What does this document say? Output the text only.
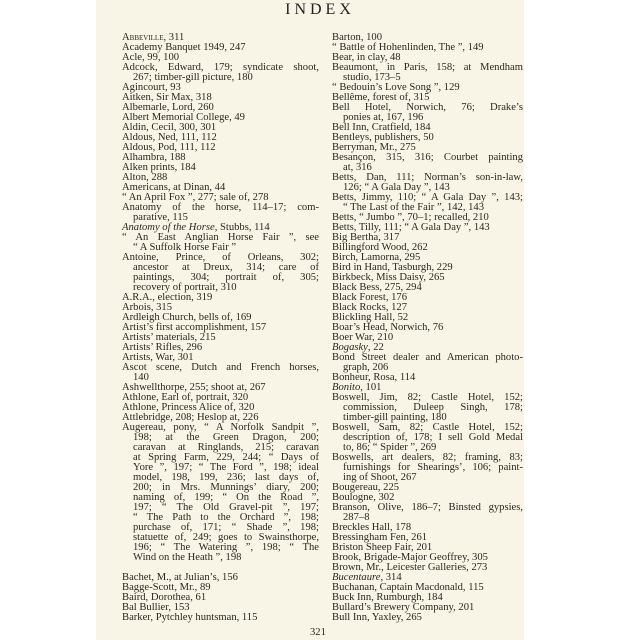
INDEX
Abbeville, 311
Academy Banquet 1949, 247
Acle, 99, 100
Adcock, Edward, 179; syndicate shoot,
267; timber-gill picture, 180
Agincourt, 93
Aitken, Sir Max, 318
Albemarle, Lord, 260
Albert Memorial College, 49
Aldin, Cecil, 300, 301
Aldous, Ned, 111, 112
Aldous, Pod, 111, 112
Alhambra, 188
Alken prints, 184
Alton, 288
Americans, at Dinan, 44
“ An April Fox ”, 277; sale of, 278
Anatomy of the horse, 114–17; com-
parative, 115
Anatomy of the Horse, Stubbs, 114
“ An East Anglian Horse Fair ”, see
“ A Suffolk Horse Fair ”
Antoine, Prince, of Orleans, 302;
ancestor at Dreux, 314; care of
paintings, 304; portrait of, 305;
recovery of portrait, 310
A.R.A., election, 319
Arbois, 315
Ardleigh Church, bells of, 169
Artist’s first accomplishment, 157
Artists’ materials, 215
Artists’ Rifles, 296
Artists, War, 301
Ascot scene, Dutch and French horses,
140
Ashwellthorpe, 255; shoot at, 267
Athlone, Earl of, portrait, 320
Athlone, Princess Alice of, 320
Attlebridge, 208; Heslop at, 226
Augereau, pony, “ A Norfolk Sandpit ”,
198; at the Green Dragon, 200;
caravan at Ringlands, 215; caravan
at Spring Farm, 229, 244; “ Days of
Yore ”, 197; “ The Ford ”, 198; ideal
model, 198, 199, 236; last days of,
200; in Mrs. Munnings’ diary, 200;
naming of, 199; “ On the Road ”,
197; “ The Old Gravel-pit ”, 197;
“ The Path to the Orchard ”, 198;
purchase of, 171; “ Shade ”, 198;
statuette of, 249; goes to Swainsthorpe,
196; “ The Watering ”, 198; “ The
Wind on the Heath ”, 198
Bachet, M., at Julian’s, 156
Bagge-Scott, Mr., 89
Baird, Dorothea, 61
Bal Bullier, 153
Barker, Pytchley huntsman, 115
Barton, 100
“ Battle of Hohenlinden, The ”, 149
Bear, in clay, 48
Beaumont, in Paris, 158; at Mendham
studio, 173–5
“ Bedouin’s Love Song ”, 129
Bellême, forest of, 315
Bell Hotel, Norwich, 76; Drake’s
ponies at, 167, 196
Bell Inn, Cratfield, 184
Bentleys, publishers, 50
Berryman, Mr., 275
Besançon, 315, 316; Courbet painting
at, 316
Betts, Dan, 111; Norman’s son-in-law,
126; “ A Gala Day ”, 143
Betts, Jimmy, 110; “ A Gala Day ”, 143;
“ The Last of the Fair ”, 142, 143
Betts, “ Jumbo ”, 70–1; recalled, 210
Betts, Tilly, 111; “ A Gala Day ”, 143
Big Bertha, 317
Billingford Wood, 262
Birch, Lamorna, 295
Bird in Hand, Tasburgh, 229
Birkbeck, Miss Daisy, 265
Black Bess, 275, 294
Black Forest, 176
Black Rocks, 127
Blickling Hall, 52
Boar’s Head, Norwich, 76
Boer War, 210
Bogasky, 22
Bond Street dealer and American photo-
graph, 206
Bonheur, Rosa, 114
Bonito, 101
Boswell, Jim, 82; Castle Hotel, 152;
commission, Duleep Singh, 178;
timber-gill painting, 180
Boswell, Sam, 82; Castle Hotel, 152;
description of, 178; I sell Gold Medal
to, 86; “ Spider ”, 269
Boswells, art dealers, 82; framing, 83;
furnishings for Shearings’, 106; paint-
ing of Shoot, 267
Bougereau, 225
Boulogne, 302
Branson, Olive, 186–7; Binsted gypsies,
287–8
Breckles Hall, 178
Bressingham Fen, 261
Briston Sheep Fair, 201
Brook, Brigade-Major Geoffrey, 305
Brown, Mr., Leicester Galleries, 273
Bucentaure, 314
Buchanan, Captain Macdonald, 115
Buck Inn, Rumburgh, 184
Bullard’s Brewery Company, 201
Bull Inn, Yaxley, 265
321
